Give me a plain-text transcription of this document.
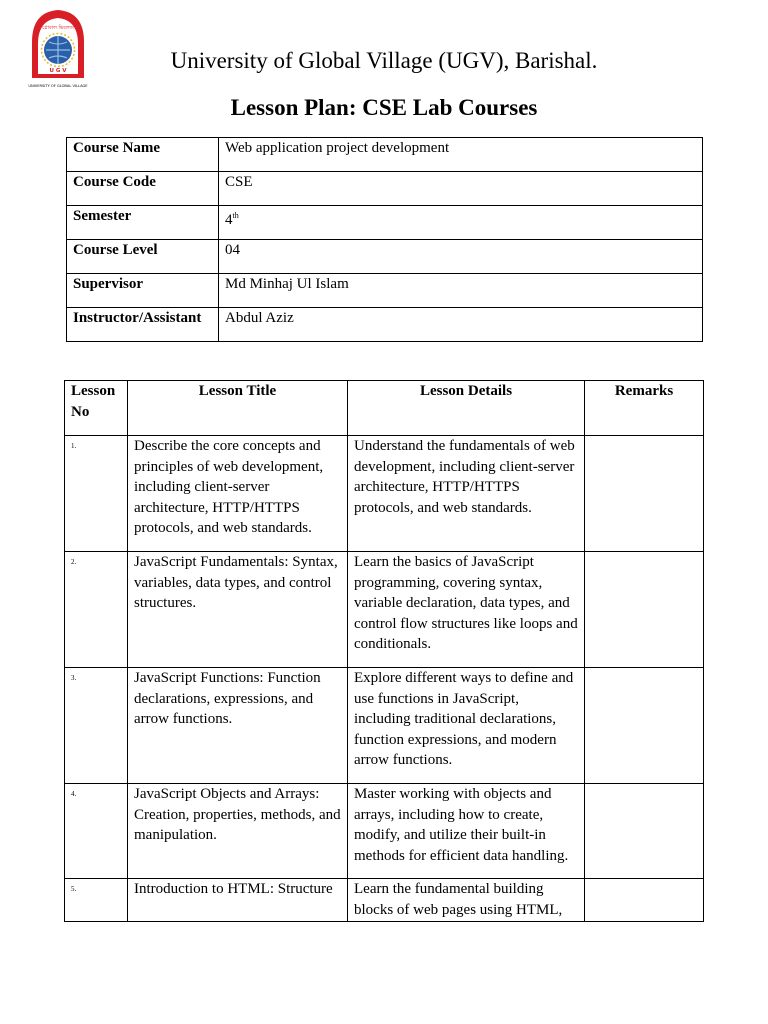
গ্লোবাল ভিলেজ
U G V
UNIVERSITY OF GLOBAL VILLAGE
University of Global Village (UGV), Barishal.
Lesson Plan: CSE Lab Courses
Course Name	Web application project development
Course Code	CSE
Semester	4th
Course Level	04
Supervisor	Md Minhaj Ul Islam
Instructor/Assistant	Abdul Aziz
Lesson No	Lesson Title	Lesson Details	Remarks
1.	Describe the core concepts and principles of web development, including client-server architecture, HTTP/HTTPS protocols, and web standards.	Understand the fundamentals of web development, including client-server architecture, HTTP/HTTPS protocols, and web standards.	
2.	JavaScript Fundamentals: Syntax, variables, data types, and control structures.	Learn the basics of JavaScript programming, covering syntax, variable declaration, data types, and control flow structures like loops and conditionals.	
3.	JavaScript Functions: Function declarations, expressions, and arrow functions.	Explore different ways to define and use functions in JavaScript, including traditional declarations, function expressions, and modern arrow functions.	
4.	JavaScript Objects and Arrays: Creation, properties, methods, and manipulation.	Master working with objects and arrays, including how to create, modify, and utilize their built-in methods for efficient data handling.	
5.	Introduction to HTML: Structure	Learn the fundamental building blocks of web pages using HTML,	
